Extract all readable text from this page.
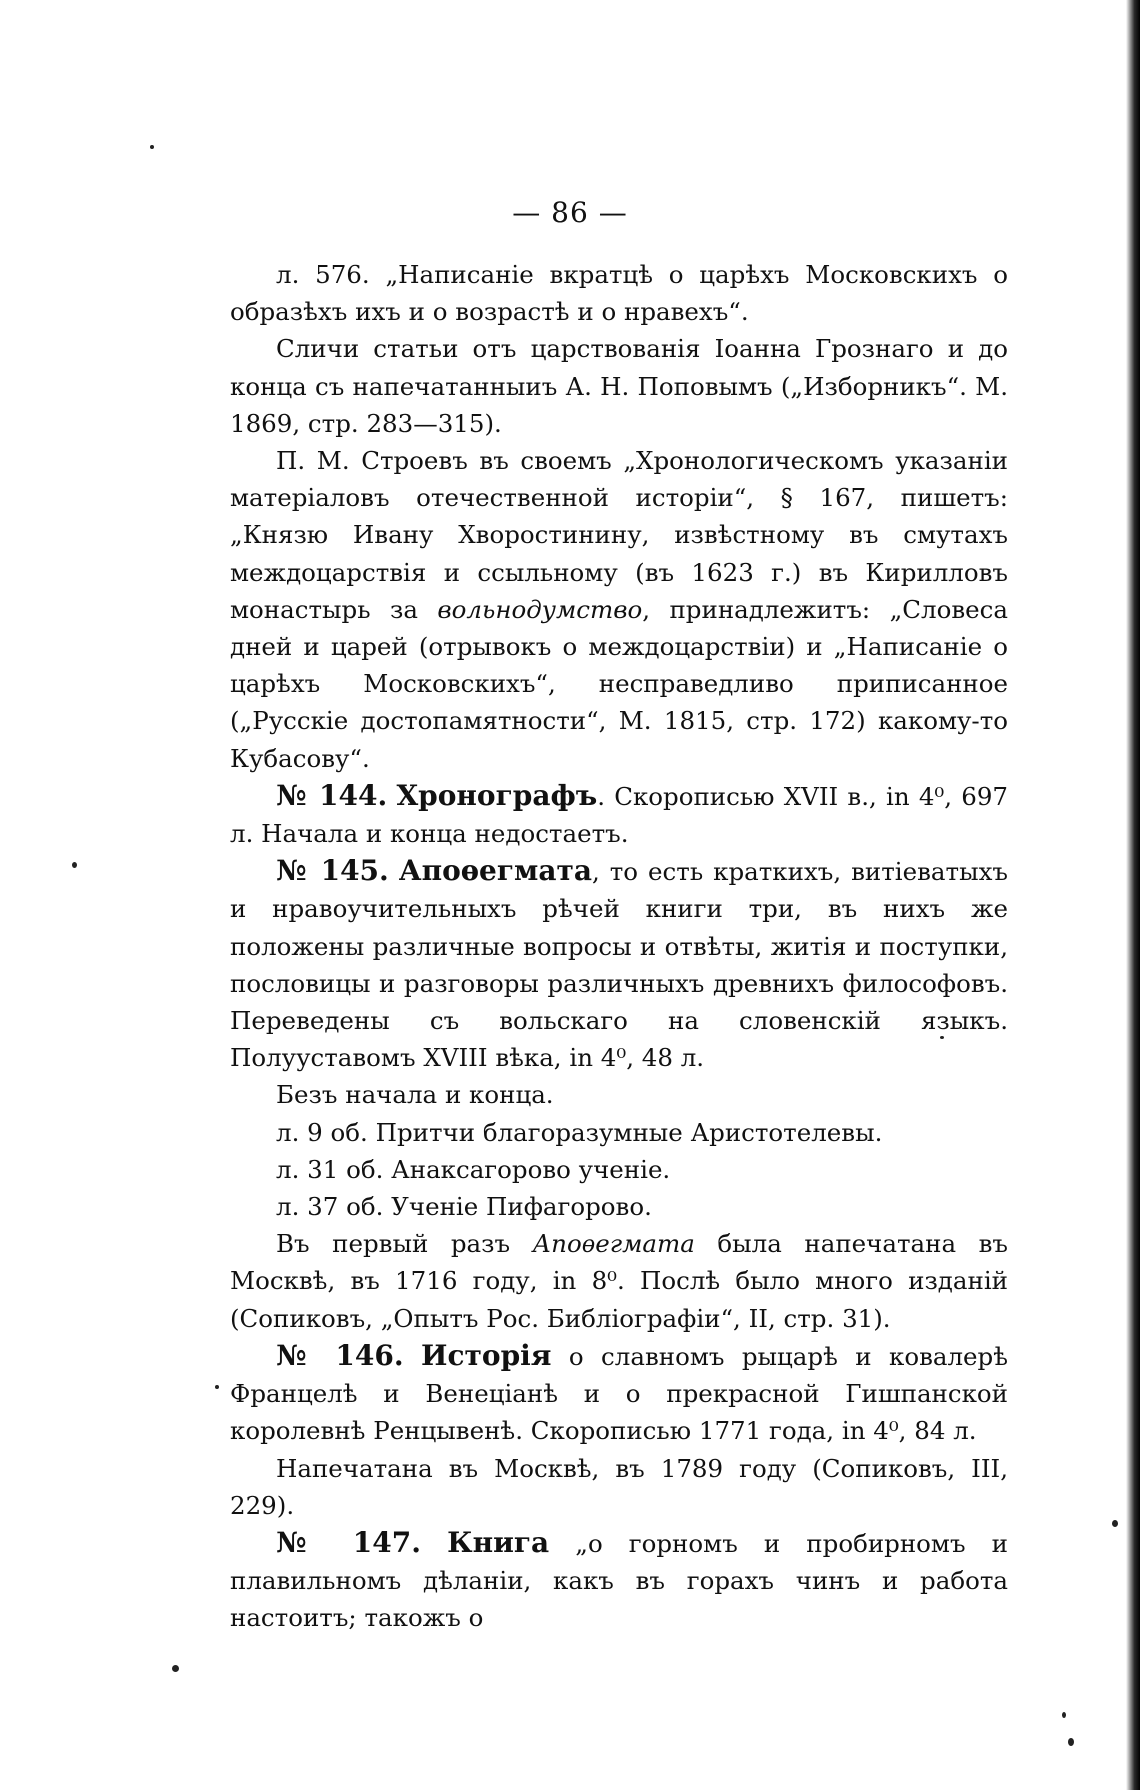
— 86 —

л. 576. „Написаніе вкратцѣ о царѣхъ Московскихъ о образѣхъ ихъ и о возрастѣ и о нравехъ“.

Сличи статьи отъ царствованія Іоанна Грознаго и до конца съ напечатанныиъ А. Н. Поповымъ („Изборникъ“. М. 1869, стр. 283—315).

П. М. Строевъ въ своемъ „Хронологическомъ указаніи матеріаловъ отечественной исторіи“, § 167, пишетъ: „Князю Ивану Хворостинину, извѣстному въ смутахъ междоцарствія и ссыльному (въ 1623 г.) въ Кирилловъ монастырь за вольнодумство, принадлежитъ: „Словеса дней и царей (отрывокъ о междоцарствіи) и „Написаніе о царѣхъ Московскихъ“, несправедливо приписанное („Русскіе достопамятности“, М. 1815, стр. 172) какому-то Кубасову“.

№ 144. Хронографъ. Скорописью XVII в., in 4⁰, 697 л. Начала и конца недостаетъ.

№ 145. Апоѳегмата, то есть краткихъ, витіеватыхъ и нравоучительныхъ рѣчей книги три, въ нихъ же положены различные вопросы и отвѣты, житія и поступки, пословицы и разговоры различныхъ древнихъ философовъ. Переведены съ вольскаго на словенскій языкъ. Полууставомъ XVIII вѣка, in 4⁰, 48 л.

Безъ начала и конца.

л. 9 об. Притчи благоразумные Аристотелевы.

л. 31 об. Анаксагорово ученіе.

л. 37 об. Ученіе Пифагорово.

Въ первый разъ Апоѳегмата была напечатана въ Москвѣ, въ 1716 году, in 8⁰. Послѣ было много изданій (Сопиковъ, „Опытъ Рос. Библіографіи“, II, стр. 31).

№ 146. Исторія о славномъ рыцарѣ и ковалерѣ Францелѣ и Венеціанѣ и о прекрасной Гишпанской королевнѣ Ренцывенѣ. Скорописью 1771 года, in 4⁰, 84 л.

Напечатана въ Москвѣ, въ 1789 году (Сопиковъ, III, 229).

№ 147. Книга „о горномъ и пробирномъ и плавильномъ дѣланіи, какъ въ горахъ чинъ и работа настоитъ; такожъ о
